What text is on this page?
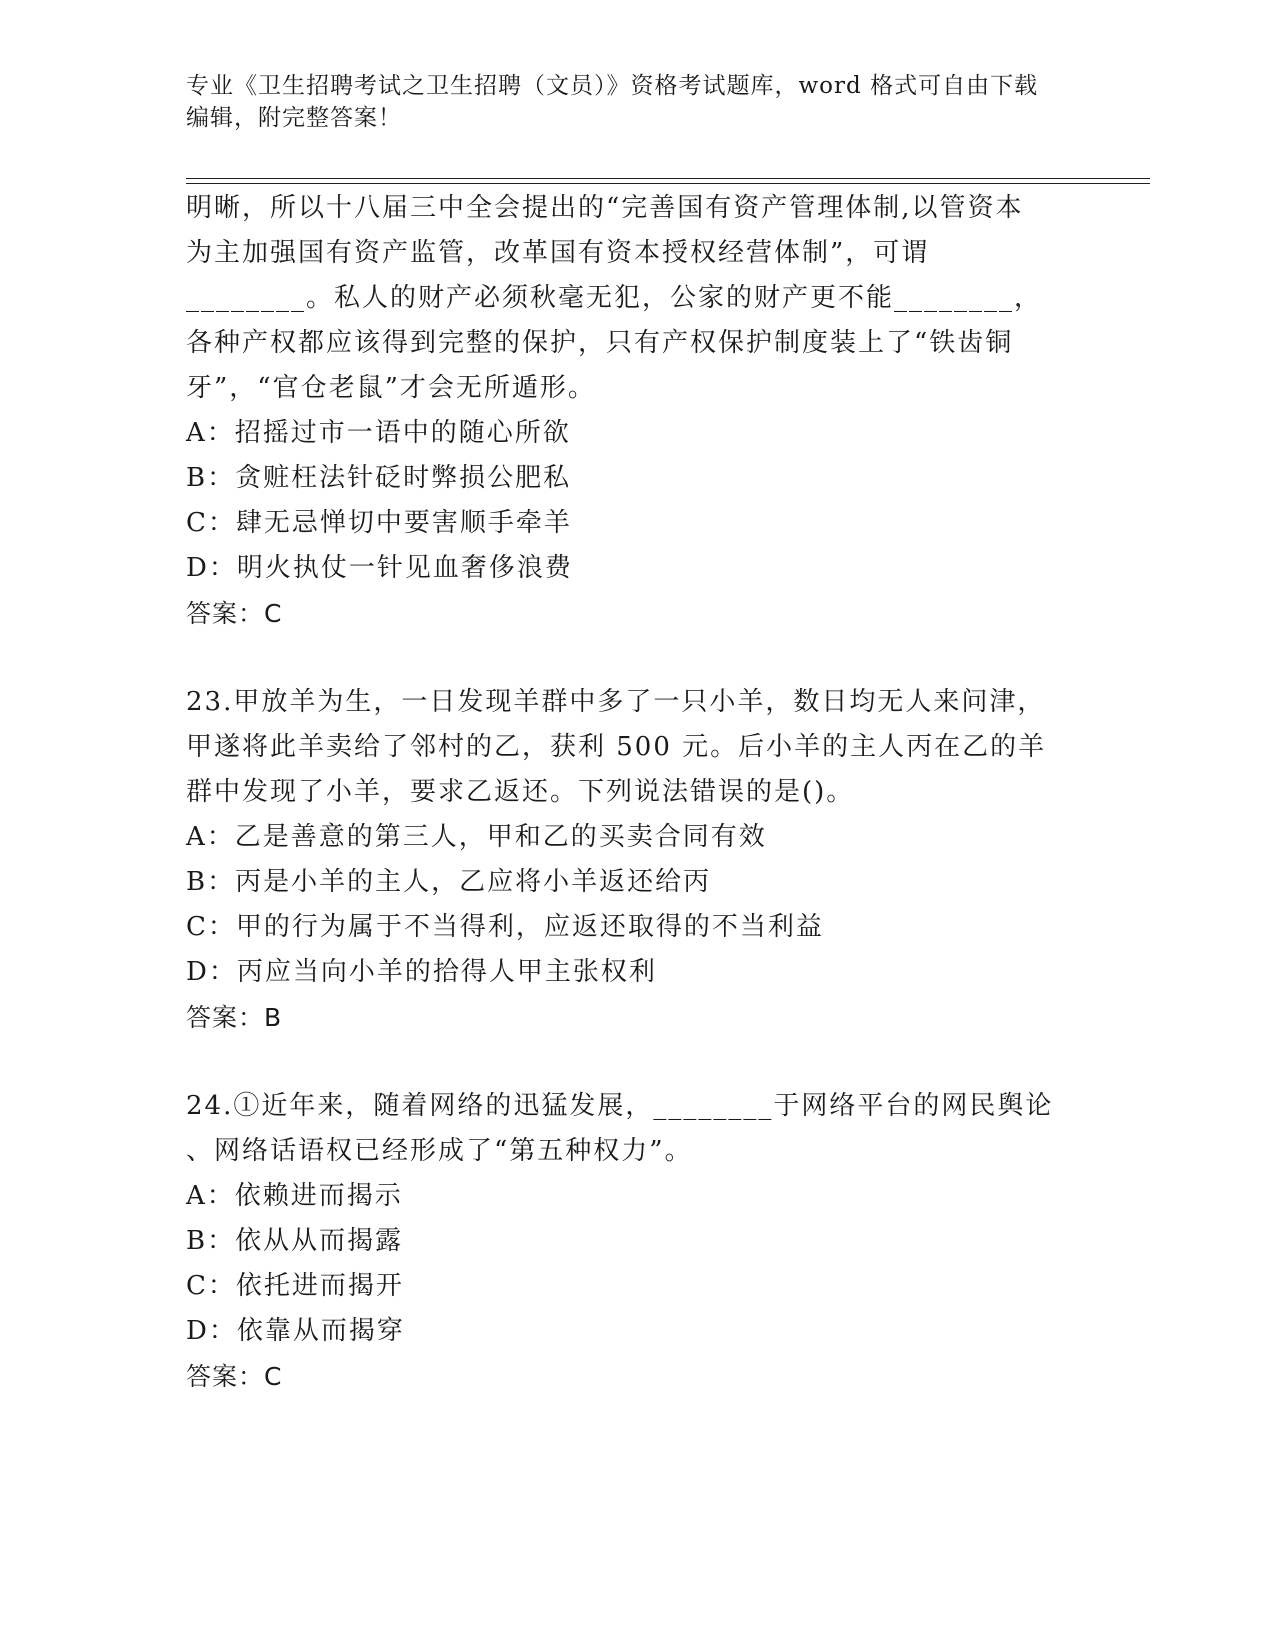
专业《卫生招聘考试之卫生招聘（文员）》资格考试题库，word 格式可自由下载
编辑，附完整答案！

明晰，所以十八届三中全会提出的“完善国有资产管理体制,以管资本

为主加强国有资产监管，改革国有资本授权经营体制”，可谓

________。私人的财产必须秋毫无犯，公家的财产更不能________，

各种产权都应该得到完整的保护，只有产权保护制度装上了“铁齿铜

牙”，“官仓老鼠”才会无所遁形。

A：招摇过市一语中的随心所欲

B：贪赃枉法针砭时弊损公肥私

C：肆无忌惮切中要害顺手牵羊

D：明火执仗一针见血奢侈浪费

答案：C

23.甲放羊为生，一日发现羊群中多了一只小羊，数日均无人来问津，

甲遂将此羊卖给了邻村的乙，获利 500 元。后小羊的主人丙在乙的羊

群中发现了小羊，要求乙返还。下列说法错误的是()。

A：乙是善意的第三人，甲和乙的买卖合同有效

B：丙是小羊的主人，乙应将小羊返还给丙

C：甲的行为属于不当得利，应返还取得的不当利益

D：丙应当向小羊的拾得人甲主张权利

答案：B

24.①近年来，随着网络的迅猛发展，________于网络平台的网民舆论

、网络话语权已经形成了“第五种权力”。

A：依赖进而揭示

B：依从从而揭露

C：依托进而揭开

D：依靠从而揭穿

答案：C
